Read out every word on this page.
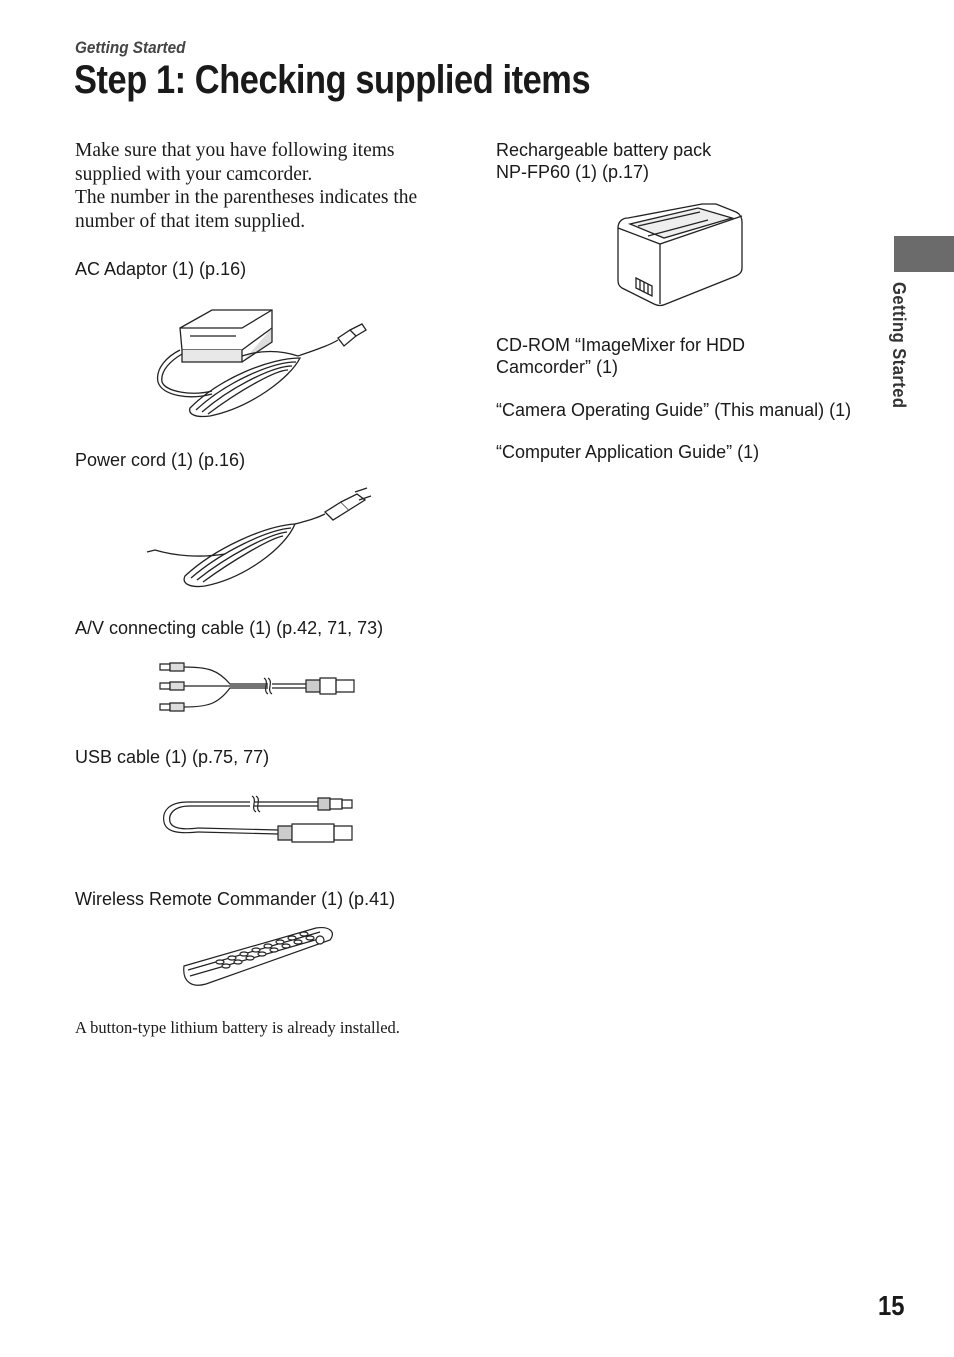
Getting Started
Step 1: Checking supplied items

Make sure that you have following items supplied with your camcorder.

The number in the parentheses indicates the number of that item supplied.

AC Adaptor (1) (p.16)
Power cord (1) (p.16)
A/V connecting cable (1) (p.42, 71, 73)
USB cable (1) (p.75, 77)
Wireless Remote Commander (1) (p.41)
A button-type lithium battery is already installed.
Rechargeable battery pack
NP-FP60 (1) (p.17)
CD-ROM “ImageMixer for HDD
Camcorder” (1)
“Camera Operating Guide” (This manual) (1)
“Computer Application Guide” (1)
Getting Started
15
